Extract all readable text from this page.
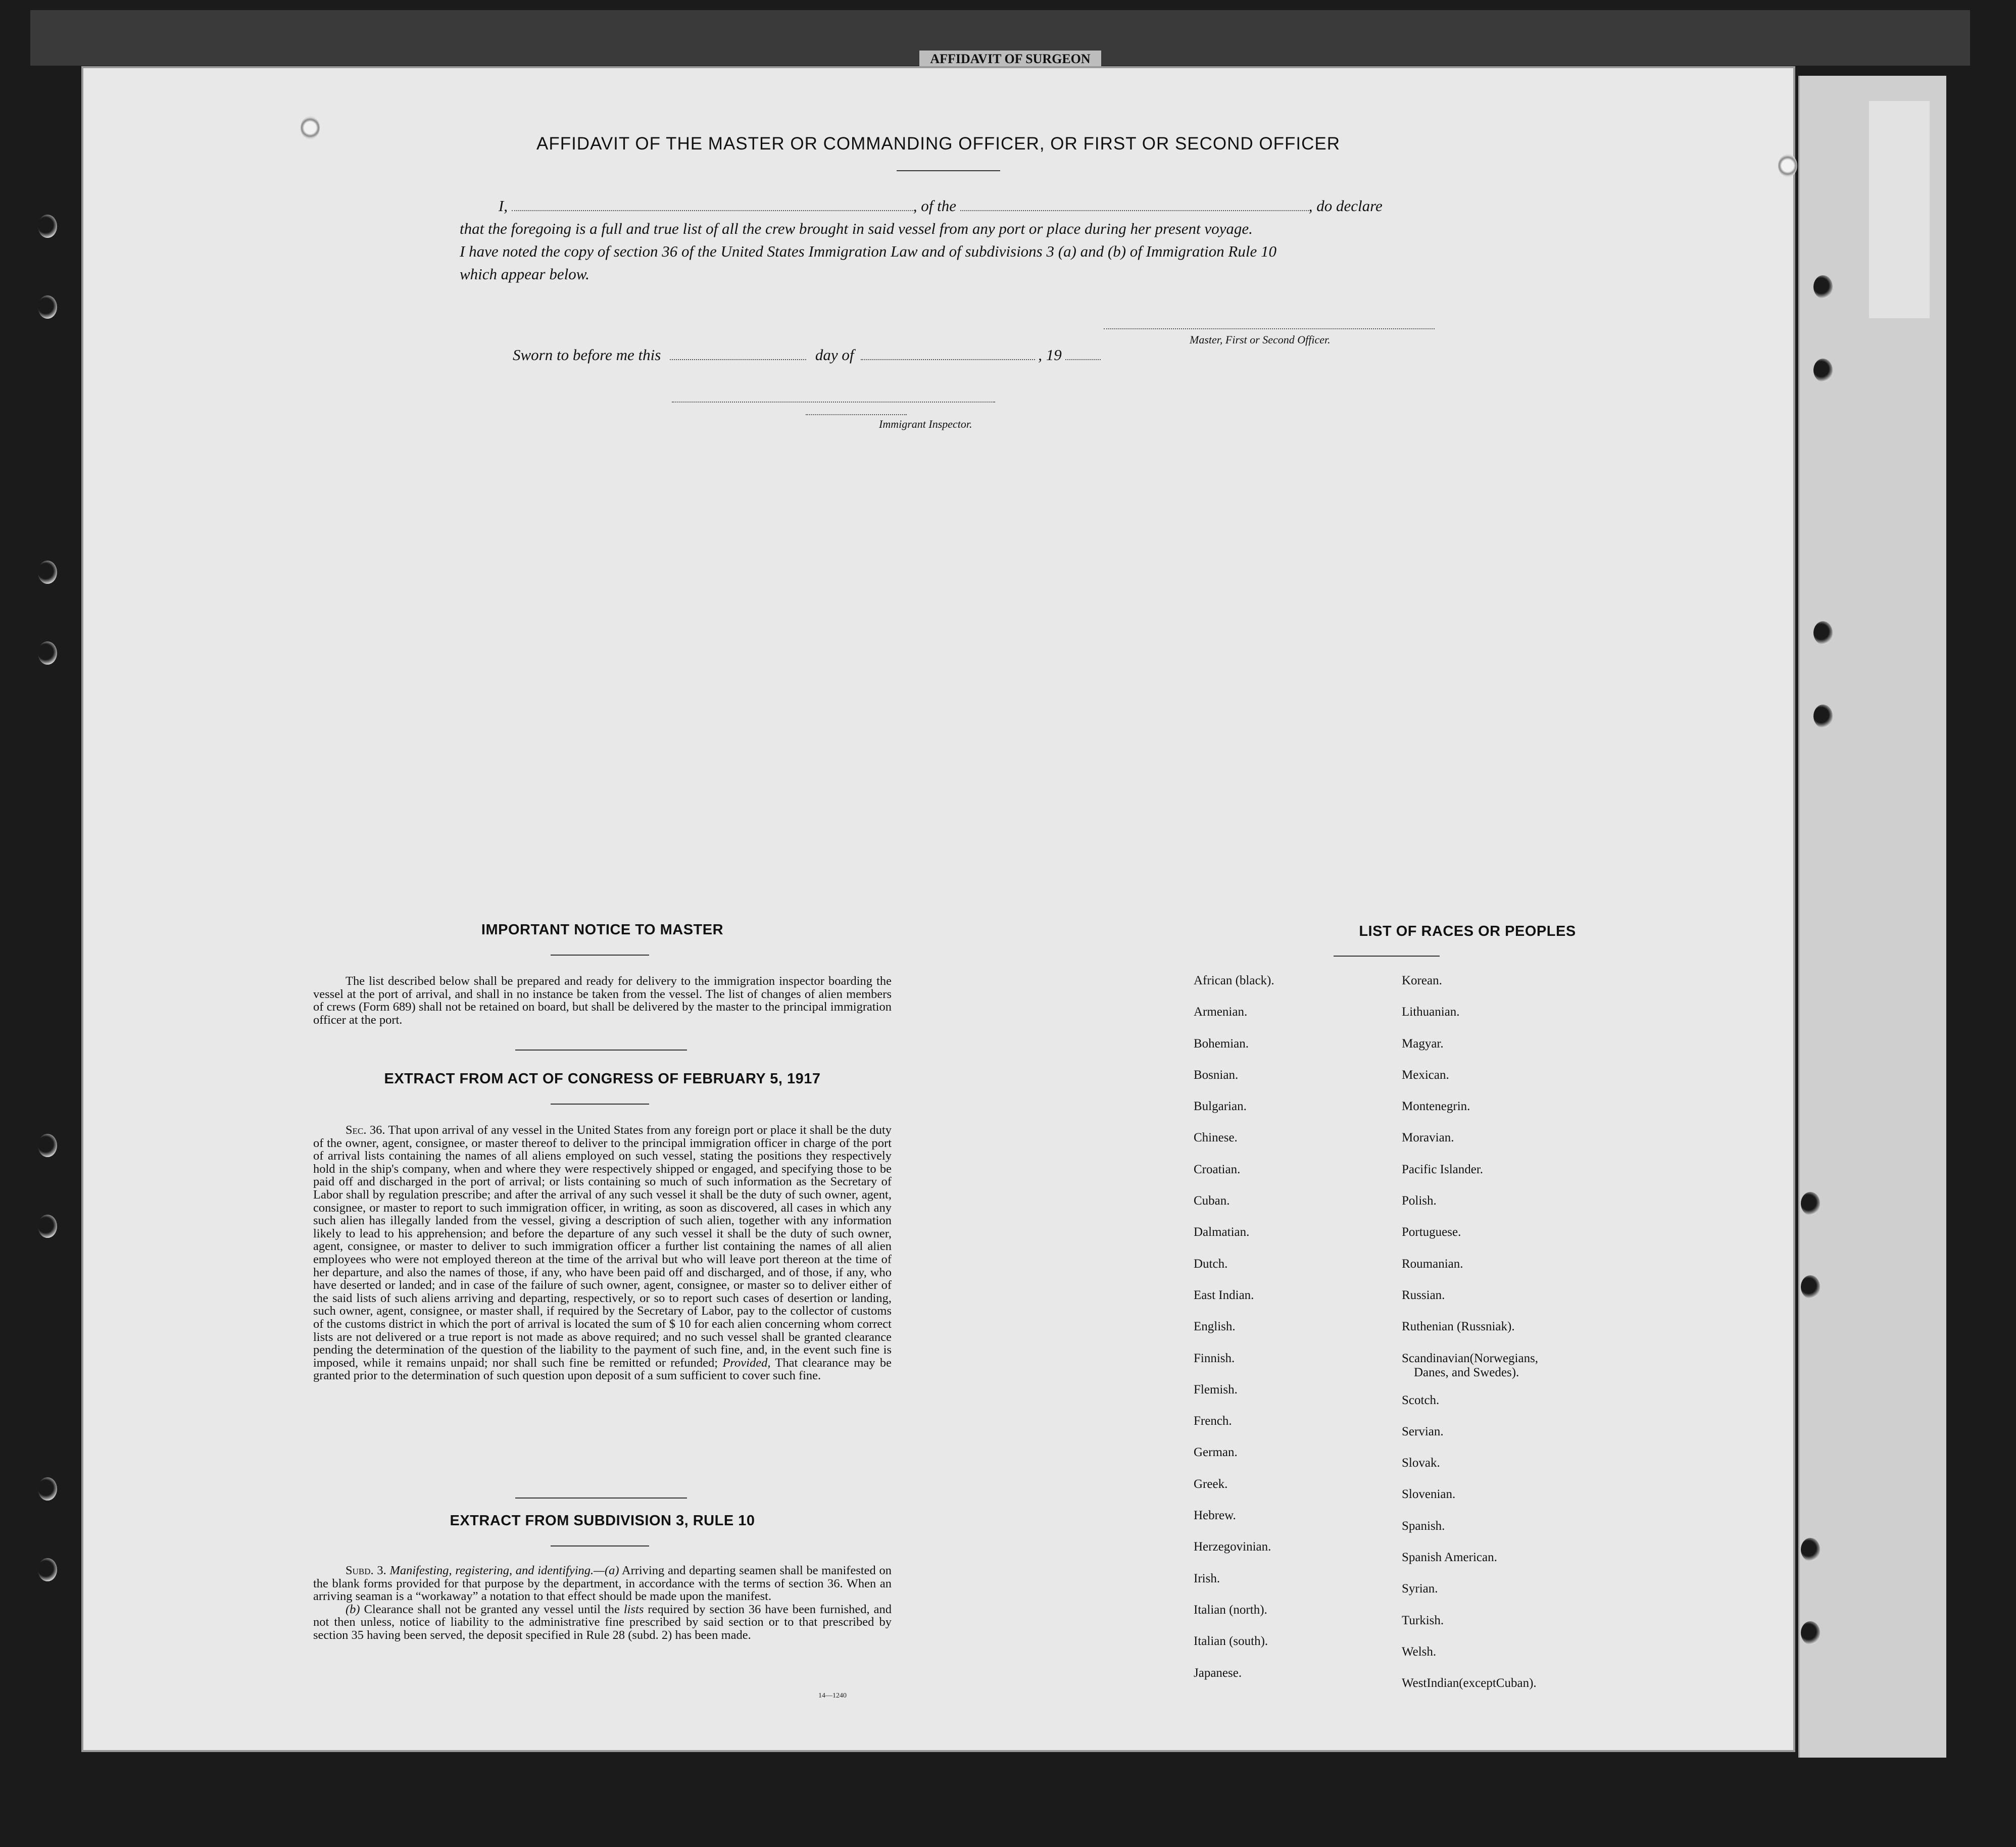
AFFIDAVIT OF SURGEON
AFFIDAVIT OF THE MASTER OR COMMANDING OFFICER, OR FIRST OR SECOND OFFICER
I,	, of the	, do declare
that the foregoing is a full and true list of all the crew brought in said vessel from any port or place during her present voyage.
I have noted the copy of section 36 of the United States Immigration Law and of subdivisions 3 (a) and (b) of Immigration Rule 10
which appear below.
Master, First or Second Officer.
Sworn to before me this	day of	, 19
Immigrant Inspector.
IMPORTANT NOTICE TO MASTER

The list described below shall be prepared and ready for delivery to the immigration inspector boarding the vessel at the port of arrival, and shall in no instance be taken from the vessel. The list of changes of alien members of crews (Form 689) shall not be retained on board, but shall be delivered by the master to the principal immigration officer at the port.

EXTRACT FROM ACT OF CONGRESS OF FEBRUARY 5, 1917

Sec. 36. That upon arrival of any vessel in the United States from any foreign port or place it shall be the duty of the owner, agent, consignee, or master thereof to deliver to the principal immigration officer in charge of the port of arrival lists containing the names of all aliens employed on such vessel, stating the positions they respectively hold in the ship's company, when and where they were respectively shipped or engaged, and specifying those to be paid off and discharged in the port of arrival; or lists containing so much of such information as the Secretary of Labor shall by regulation prescribe; and after the arrival of any such vessel it shall be the duty of such owner, agent, consignee, or master to report to such immigration officer, in writing, as soon as discovered, all cases in which any such alien has illegally landed from the vessel, giving a description of such alien, together with any information likely to lead to his apprehension; and before the departure of any such vessel it shall be the duty of such owner, agent, consignee, or master to deliver to such immigration officer a further list containing the names of all alien employees who were not employed thereon at the time of the arrival but who will leave port thereon at the time of her departure, and also the names of those, if any, who have been paid off and discharged, and of those, if any, who have deserted or landed; and in case of the failure of such owner, agent, consignee, or master so to deliver either of the said lists of such aliens arriving and departing, respectively, or so to report such cases of desertion or landing, such owner, agent, consignee, or master shall, if required by the Secretary of Labor, pay to the collector of customs of the customs district in which the port of arrival is located the sum of $ 10 for each alien concerning whom correct lists are not delivered or a true report is not made as above required; and no such vessel shall be granted clearance pending the determination of the question of the liability to the payment of such fine, and, in the event such fine is imposed, while it remains unpaid; nor shall such fine be remitted or refunded; Provided, That clearance may be granted prior to the determination of such question upon deposit of a sum sufficient to cover such fine.

EXTRACT FROM SUBDIVISION 3, RULE 10

Subd. 3. Manifesting, registering, and identifying.—(a) Arriving and departing seamen shall be manifested on the blank forms provided for that purpose by the department, in accordance with the terms of section 36. When an arriving seaman is a “workaway” a notation to that effect should be made upon the manifest.

(b) Clearance shall not be granted any vessel until the lists required by section 36 have been furnished, and not then unless, notice of liability to the administrative fine prescribed by said section or to that prescribed by section 35 having been served, the deposit specified in Rule 28 (subd. 2) has been made.

14—1240
LIST OF RACES OR PEOPLES
African (black).
Armenian.
Bohemian.
Bosnian.
Bulgarian.
Chinese.
Croatian.
Cuban.
Dalmatian.
Dutch.
East Indian.
English.
Finnish.
Flemish.
French.
German.
Greek.
Hebrew.
Herzegovinian.
Irish.
Italian (north).
Italian (south).
Japanese.
Korean.
Lithuanian.
Magyar.
Mexican.
Montenegrin.
Moravian.
Pacific Islander.
Polish.
Portuguese.
Roumanian.
Russian.
Ruthenian (Russniak).
Scandinavian(Norwegians,
Danes, and Swedes).
Scotch.
Servian.
Slovak.
Slovenian.
Spanish.
Spanish American.
Syrian.
Turkish.
Welsh.
WestIndian(exceptCuban).
